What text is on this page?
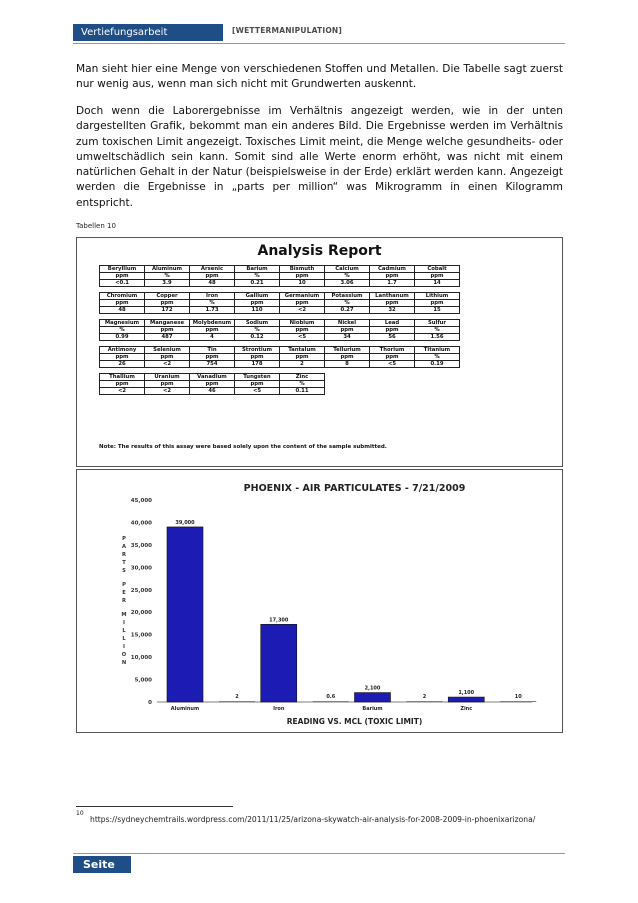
Vertiefungsarbeit	[WETTERMANIPULATION]

Man sieht hier eine Menge von verschiedenen Stoffen und Metallen. Die Tabelle sagt zuerst nur wenig aus, wenn man sich nicht mit Grundwerten auskennt.

Doch wenn die Laborergebnisse im Verhältnis angezeigt werden, wie in der unten dargestellten Grafik, bekommt man ein anderes Bild. Die Ergebnisse werden im Verhältnis zum toxischen Limit angezeigt. Toxisches Limit meint, die Menge welche gesundheits- oder umweltschädlich sein kann. Somit sind alle Werte enorm erhöht, was nicht mit einem natürlichen Gehalt in der Natur (beispielsweise in der Erde) erklärt werden kann. Angezeigt werden die Ergebnisse in „parts per million“ was Mikrogramm in einen Kilogramm entspricht.

Tabellen 10
Analysis Report
Beryllium	Aluminum	Arsenic	Barium	Bismuth	Calcium	Cadmium	Cobalt
ppm	%	ppm	%	ppm	%	ppm	ppm
<0.1	3.9	48	0.21	10	3.06	1.7	14
Chromium	Copper	Iron	Gallium	Germanium	Potassium	Lanthanum	Lithium
ppm	ppm	%	ppm	ppm	%	ppm	ppm
48	172	1.73	110	<2	0.27	32	15
Magnesium	Manganese	Molybdenum	Sodium	Niobium	Nickel	Lead	Sulfur
%	ppm	ppm	%	ppm	ppm	ppm	%
0.99	487	4	0.12	<5	34	56	1.56
Antimony	Selenium	Tin	Strontium	Tantalum	Tellurium	Thorium	Titanium
ppm	ppm	ppm	ppm	ppm	ppm	ppm	%
26	<2	754	178	2	8	<5	0.19
Thallium	Uranium	Vanadium	Tungsten	Zinc
ppm	ppm	ppm	ppm	%
<2	<2	46	<5	0.11
Note: The results of this assay were based solely upon the content of the sample submitted.
PHOENIX - AIR PARTICULATES - 7/21/2009
0
5,000
10,000
15,000
20,000
25,000
30,000
35,000
40,000
45,000
P
A
R
T
S
P
E
R
M
I
L
L
I
O
N
39,000
2
Aluminum
17,300
0.6
Iron
2,100
2
Barium
1,100
10
Zinc
READING VS. MCL (TOXIC LIMIT)
10
https://sydneychemtrails.wordpress.com/2011/11/25/arizona-skywatch-air-analysis-for-2008-2009-in-phoenixarizona/
Seite 16
